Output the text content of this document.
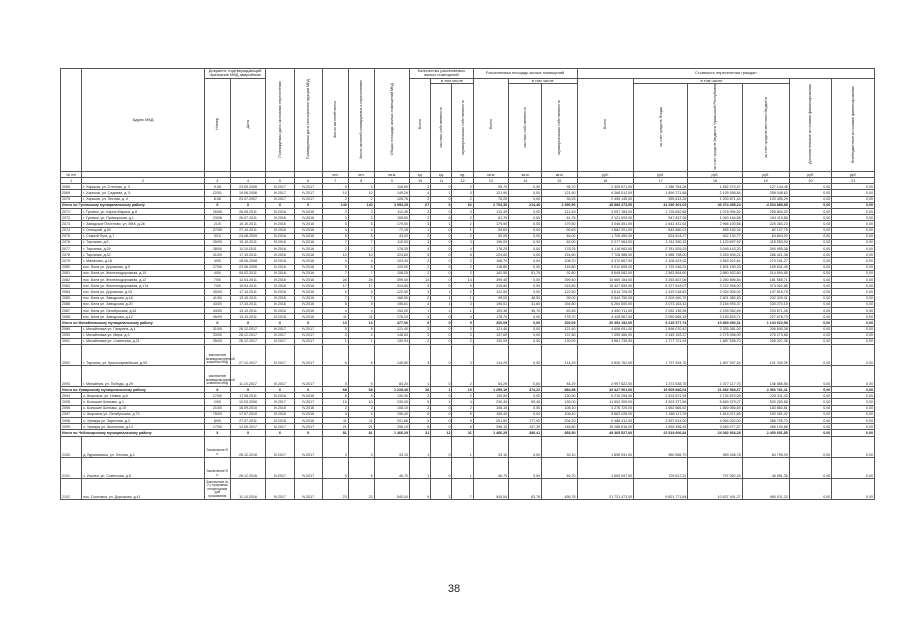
	Адрес МКД	Документ, подтверждающий признание МКД аварийным		Планируемая дата окончания переселения	Планируемая дата сноса/реконструкции МКД	Число жителей всего	Число жителей планируемых к переселению	Общая площадь жилых помещений МКД	Количество расселяемых жилых помещений			Расселяемая площадь жилых помещений			Стоимость переселения граждан					
		Номер	Дата						Всего	в том числе		Всего	в том числе		Всего	в том числе			Дополнительные источники финансирования	Внебюджетные источники финансирования
										частная собственность	муниципальная собственность		частная собственность	муниципальная собственность		за счет средств Фонда	за счет средств бюджета Чувашской Республики	за счет средств местного бюджета		
№ п/п						чел.	чел.	кв.м	ед.	ед.	ед.	кв.м	кв.м	кв.м	руб.	руб.	руб.	руб.	руб.	руб.
1	2	3	4	5	6	7	8	9	10	11	12	13	14	15	16	17	18	19	20	21
2065	г. Харьков, ул. Степная, д. 3	9-08	23.05.2006	IV.2017	IV.2017	3	3	118,60	2	0	2	95,70	0,00	95,70	2 405 671,00	1 286 754,08	1 452 274,47	127 144,45	0,00	0,00
2069	г. Харьков, ул. Садовая, д. 5	22/01	19.06.2006	IV.2017	IV.2017	10	10	149,26	4	1	3	121,90	0,00	121,90	4 366 012,00	1 890 271,88	2 105 558,84	258 048,63	0,00	0,00
2075	г. Харьков, ул. Лесная, д. 4	8-06	23.07.2007	IV.2017	IV.2017	2	2	126,76	2	0	2	75,25	0,00	35,25	2 495 145,00	955 613,28	1 200 871,44	100 455,29	0,00	0,00
Итого по Гусевскому муниципальному району		X	X	X	X	140	140	3 993,29	67	6	62	2 703,36	214,46	2 390,90	45 889 373,00	41 290 401,03	46 374 455,24	-4 034 885,85	0,00	0,00
2071	г. Гусевск, ул. Карла Маркса, д.8	26/06	26.05.2011	IV.2016	IV.2016	3	3	112,49	3	0	3	112,49	0,00	112,49	3 057 169,00	1 725 832,65	1 076 094,52	255 800,30	0,00	0,00
2072	г. Гусевск, ул. Приморская, д.1	23/06	26.07.2011	IV.2016	IV.2016	3	3	155,60	2	0	2	61,76	0,00	61,76	2 121 093,00	947 837,05	1 053 164,58	104 119,85	0,00	0,00
2073	г. Заводское Плотново, ул. МКК, д.26	21/0	10.10.2011	IV.2016	IV.2016	5	5	179,50	3	1	2	179,50	0,00	179,50	3 046 451,00	2 642 431,53	2 966 100,68	225 383,23	0,00	0,00
2074	г. Огнецкий, д.52	27/09	27.10.2011	IV.2016	IV.2016	4	4	72,19	1	0	1	50,63	0,00	50,63	1 882 201,00	843 480,01	895 182,34	82 137,75	0,00	0,00
2075	г. Старый Луга, д.7	9/10	24.08.2009	IV.2016	IV.2016	8	8	43,00	2	0	2	30,00	0,00	46,00	1 726 450,00	624 514,27	942 132,77	64 803,00	0,00	0,00
2076	г. Тарханка, д.5	35/00	15.10.2011	IV.2016	IV.2016	7	7	110,00	3	0	3	196,09	0,00	62,00	2 277 964,00	1 011 390,33	1 120 697,92	115 553,00	0,00	0,00
2077	г. Тарханка, д.29	38/00	11.10.2011	IV.2016	IV.2016	2	2	178,25	4	0	4	178,25	0,00	178,25	4 116 962,00	2 781 529,29	3 045 143,33	390 995,38	0,00	0,00
2078	г. Тарханка, д.32	31/00	17.10.2011	IV.2016	IV.2016	10	10	224,60	5	0	5	224,60	0,00	224,60	7 728 986,00	3 988 798,00	3 453 905,21	286 421,36	0,00	0,00
2079	г. Малахово, д.18	4/00	16.06.2008	IV.2016	IV.2016	3	3	103,40	2	0	2	108,70	0,00	108,70	4 372 667,00	2 106 423,02	2 563 322,61	270 151,27	0,00	0,00
2080	пос. Бела ул. Дорожная, д.9	27/00	23.06.2006	IV.2016	IV.2016	5	5	119,00	2	0	2	116,80	0,00	116,80	3 012 608,00	1 729 246,22	1 601 150,33	169 631,49	0,00	0,00
2081	пос. Бела ул. Железнодорожная, д.10	4/00	06.02.2011	IV.2016	IV.2016	7	7	108,25	2	0	2	162,55	51,75	92,80	5 649 082,00	2 563 854,60	2 860 932,60	214 594,85	0,00	0,00
2082	пос. Бела ул. Железнодорожная, д.12	7/00	12.04.2011	IV.2016	IV.2016	26	26	399,40	14	0	14	399,40	0,00	399,40	10 669 154,00	3 263 837,06	2 260 896,84	181 565,71	0,00	0,00
2083	пос. Бела ул. Железнодорожная, д.17а	7/00	19.04.2011	IV.2016	IV.2016	17	17	315,80	9	0	9	315,80	0,00	315,80	15 427 659,00	5 377 619,07	3 722 948,00	374 002,85	0,00	0,00
2084	пос. Бела ул. Дорожная, д.15	45/00	17.10.2011	IV.2016	IV.2016	5	5	122,50	3	1	2	122,50	0,00	122,50	3 514 725,00	1 419 018,82	2 024 906,02	147 516,75	0,00	0,00
2085	пос. Бела ул. Заводская, д.16	41/00	13.10.2011	IV.2016	IV.2016	7	7	166,50	2	1	1	95,00	48,50	95,00	5 644 750,00	2 209 060,75	2 801 380,93	232 329,31	0,00	0,00
2086	пос. Бела ул. Заводская, д.20	43/00	17.10.2011	IV.2016	IV.2016	5	5	196,61	4	1	3	196,61	41,80	154,80	6 264 500,00	3 073 163,42	3 154 993,37	330 270,15	0,00	0,00
2087	пос. Бела ул. Октябрьская, д.61	44/00	13.10.2011	IV.2016	IV.2016	4	4	154,00	1	1	1	109,36	45,70	63,46	4 450 711,00	2 052 136,98	2 239 362,69	233 671,45	0,00	0,00
2088	пос. Бела ул. Заводская, д.12	45/09	13.10.2011	IV.2016	IV.2016	11	11	178,20	4	0	4	178,70	0,00	178,70	4 428 967,00	2 050 668,18	3 190 833,71	227 678,79	0,00	0,00
Итого по Михайловскому муниципальному району		X	X	X	X	13	13	477,00	9	0	9	200,09	0,00	200,09	20 394 152,00	9 215 377,74	10 869 490,31	1 134 622,98	0,00	0,00
2089	г. Михайловка ул. Гагарина, д.1	31/00	28.12.2017	IV.2017	IV.2017	5	5	121,40	3	0	3	121,40	0,00	121,40	4 606 051,00	1 896 070,42	2 335 381,00	206 640,38	0,00	0,00
2090	г. Михайловка ул. Мира, д.3	33/00	28.12.2017	IV.2017	IV.2017	4	4	148,60	3	0	3	137,60	0,00	137,60	7 395 366,00	2 345 153,37	2 275 096,00	275 273,68	0,00	0,00
2091	г. Михайловка ул. Советская, д.21	35/00	28.12.2017	IV.2017	IV.2017	1	1	130,94	2	0	2	130,09	0,00	130,09	3 861 735,00	1 777 721,94	1 887 538,70	208 207,36	0,00	0,00
2092	г. Тарханы, ул. Красноармейская, д.93	заключение межведомственной комиссии МКД	27.12.2017	IV.2017	IV.2017	6	6	146,80	3	0	3	114,29	0,00	114,29	3 826 762,00	1 737 494,76	1 897 937,54	191 330,05	0,00	0,00
2093	г. Михайлов, ул. Победы, д.29	заключение межведомственной комиссии МКД	11.10.2017	IV.2017	IV.2017	5	5	84,20	1	0	2	84,29	0,00	84,29	2 997 522,00	1 373 538,75	1 477 117,70	146 866,56	0,00	0,00
Итого по Урмарскому муниципальному району		X	X	X	X	68	68	1 228,40	28	1	19	1 259,19	374,22	884,98	43 327 501,00	19 605 846,03	21 682 568,67	2 366 781,41	0,00	0,00
2094	с. Шоркасы, ул. Новая, д.8	17/00	17.08.2011	IV.2016	IV.2016	8	8	130,90	2	0	2	130,90	0,00	130,90	5 210 295,00	2 524 871,94	2 734 870,09	225 311,43	0,00	0,00
2095	с. Большие Шатьмы, д.1	2/00	12.03.2006	IV.2017	IV.2017	10	10	230,40	5	1	4	230,40	95,40	135,00	11 593 309,00	4 523 377,56	5 669 379,27	530 200,65	0,00	0,00
2096	с. Большие Шатьмы, д.15	21/00	16.09.2010	IV.2016	IV.2016	2	2	108,10	2	0	2	108,10	0,00	108,10	3 276 720,00	1 662 666,52	1 860 066,69	183 860,81	0,00	0,00
2097	с. Шоркасы ул. Октябрьская, д.73	75/00	17.07.2010	IV.2016	IV.2016	4	4	196,40	5	0	5	106,40	0,00	106,40	5 663 228,00	1 465 117,29	1 814 071,85	183 261,02	0,00	0,00
2098	с. Урмары ул. Заречная, д.3	8/00	27.07.2011	IV.2016	IV.2016	11	11	201,86	5	0	5	201,50	177,90	204,20	9 488 412,00	3 597 614,00	4 064 032,00	386 705,70	0,00	0,00
2099	с. Урмары ул. Школьная, д.13	17/00	13.09.2017	IV.2017	IV.2017	21	21	296,10	6	0	6	296,10	147,30	148,80	15 288 816,00	1 639 456,49	3 059 077,37	486 100,88	0,00	0,00
Итого по Чебоксарскому муниципальному району		X	X	X	X	81	81	1 466,29	31	12	31	1 466,29	389,41	853,50	49 365 527,00	22 519 606,84	24 082 934,28	2 450 651,85	0,00	0,00
2100	д. Вурманкасы, ул. Лесная, д.1	Заключение б/н	28.12.2016	IV.2017	IV.2017	3	3	33,10	1	0	1	33,10	0,00	33,10	1 895 931,00	960 556,70	969 436,78	84 795,29	0,00	0,00
2101	с. Ишлеи, ул. Советская, д.5	Заключение б/н	28.12.2016	IV.2017	IV.2017	5	5	46,70	1	0	1	46,70	0,00	46,70	1 669 947,00	729 517,21	797 052,34	46 981,35	0,00	0,00
2102	пос. Сосновка, ул. Дорожная, д.41	Заключение № 2 о признании непригодным для проживания	11.10.2016	IV.2017	IV.2017	23	23	540,54	9	2	7	540,54	83,76	456,78	21 721 473,00	9 821 771,84	10 637 491,27	960 011,32	0,00	0,00
38
